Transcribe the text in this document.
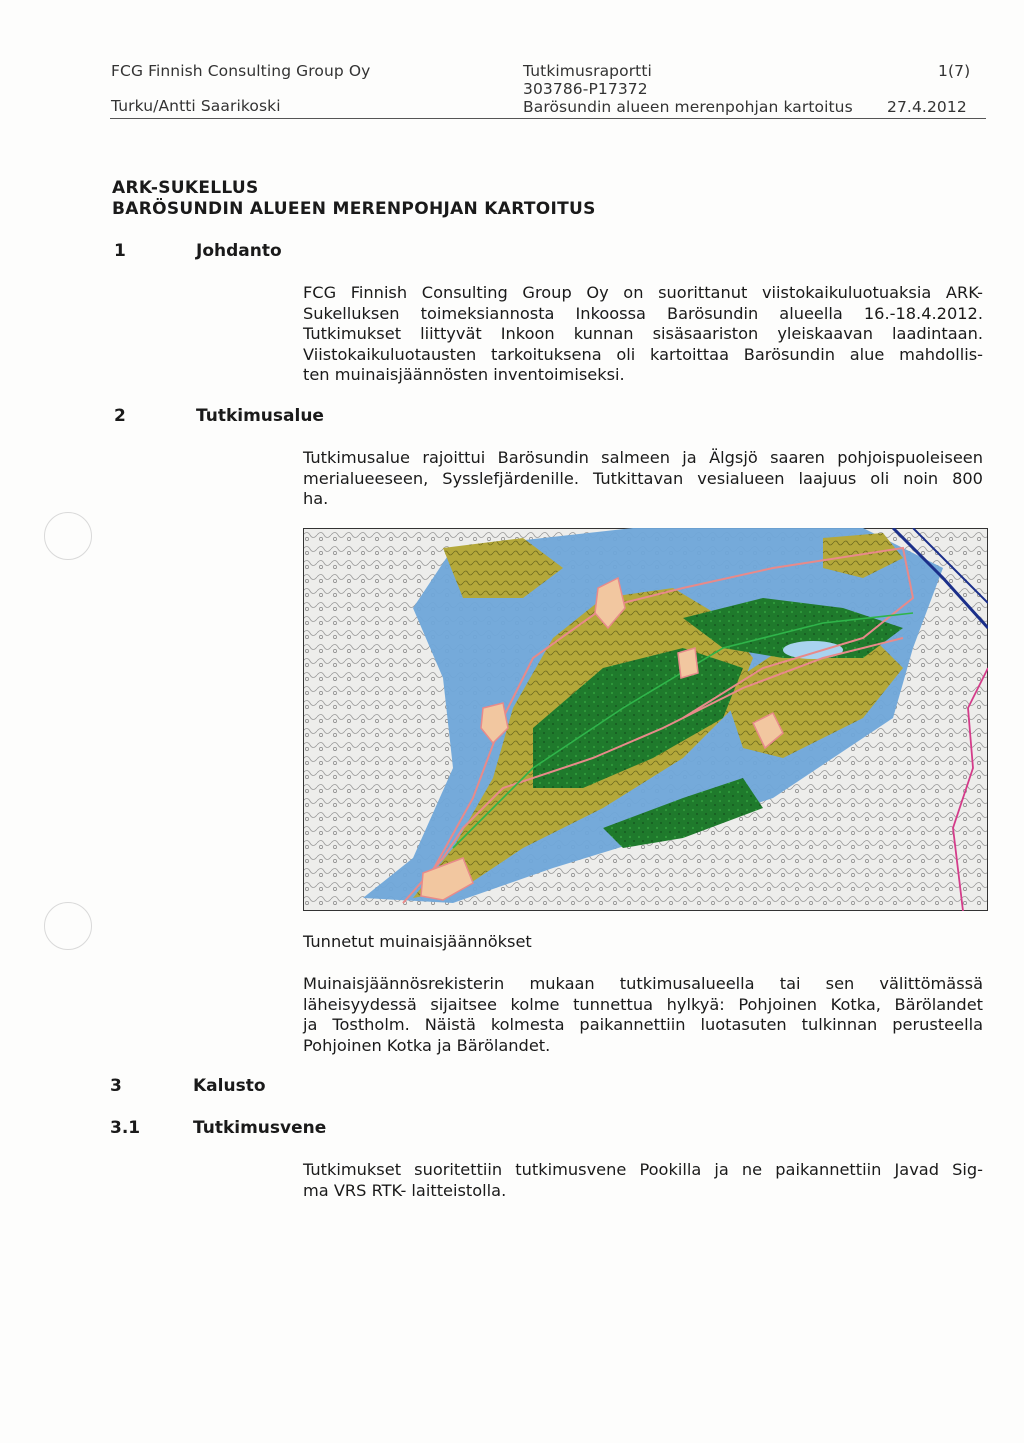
FCG Finnish Consulting Group Oy
Turku/Antti Saarikoski
Tutkimusraportti
303786-P17372
Barösundin alueen merenpohjan kartoitus
1(7)
27.4.2012
ARK-SUKELLUS
BARÖSUNDIN ALUEEN MERENPOHJAN KARTOITUS
1	Johdanto
FCG Finnish Consulting Group Oy on suorittanut viistokaikuluotuaksia ARK-
Sukelluksen toimeksiannosta Inkoossa Barösundin alueella 16.-18.4.2012.
Tutkimukset liittyvät Inkoon kunnan sisäsaariston yleiskaavan laadintaan.
Viistokaikuluotausten tarkoituksena oli kartoittaa Barösundin alue mahdollis-
ten muinaisjäännösten inventoimiseksi.
2	Tutkimusalue
Tutkimusalue rajoittui Barösundin salmeen ja Älgsjö saaren pohjoispuoleiseen
merialueeseen, Sysslefjärdenille. Tutkittavan vesialueen laajuus oli noin 800
ha.
Tunnetut muinaisjäännökset
Muinaisjäännösrekisterin mukaan tutkimusalueella tai sen välittömässä
läheisyydessä sijaitsee kolme tunnettua hylkyä: Pohjoinen Kotka, Bärölandet
ja Tostholm. Näistä kolmesta paikannettiin luotasuten tulkinnan perusteella
Pohjoinen Kotka ja Bärölandet.
3	Kalusto
3.1	Tutkimusvene
Tutkimukset suoritettiin tutkimusvene Pookilla ja ne paikannettiin Javad Sig-
ma VRS RTK- laitteistolla.
